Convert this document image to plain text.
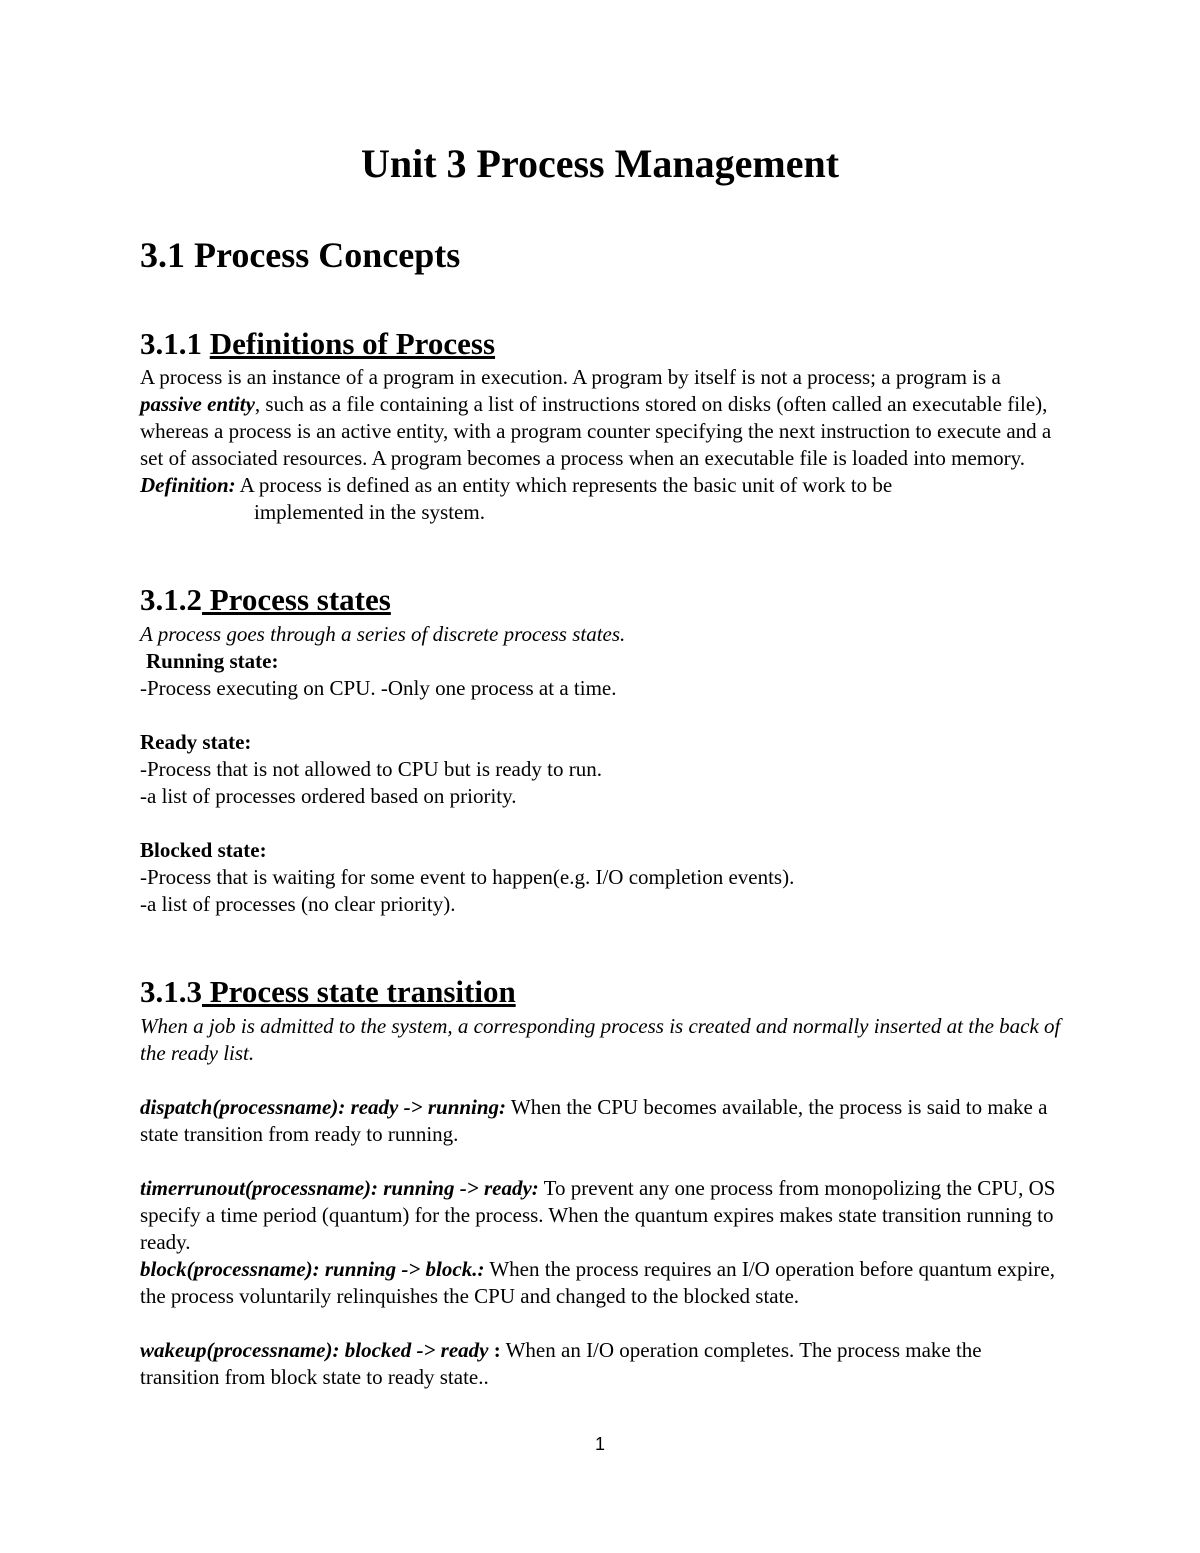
Unit 3 Process Management
3.1 Process Concepts
3.1.1 Definitions of Process

A process is an instance of a program in execution. A program by itself is not a process; a program is a passive entity, such as a file containing a list of instructions stored on disks (often called an executable file), whereas a process is an active entity, with a program counter specifying the next instruction to execute and a set of associated resources. A program becomes a process when an executable file is loaded into memory.

Definition: A process is defined as an entity which represents the basic unit of work to be

implemented in the system.

3.1.2 Process states

A process goes through a series of discrete process states.

Running state:

-Process executing on CPU. -Only one process at a time.

Ready state:

-Process that is not allowed to CPU but is ready to run.

-a list of processes ordered based on priority.

Blocked state:

-Process that is waiting for some event to happen(e.g. I/O completion events).

-a list of processes (no clear priority).

3.1.3 Process state transition

When a job is admitted to the system, a corresponding process is created and normally inserted at the back of the ready list.

dispatch(processname): ready -> running: When the CPU becomes available, the process is said to make a state transition from ready to running.

timerrunout(processname): running -> ready: To prevent any one process from monopolizing the CPU, OS specify a time period (quantum) for the process. When the quantum expires makes state transition running to ready.

block(processname): running -> block.: When the process requires an I/O operation before quantum expire, the process voluntarily relinquishes the CPU and changed to the blocked state.

wakeup(processname): blocked -> ready : When an I/O operation completes. The process make the transition from block state to ready state..

1
